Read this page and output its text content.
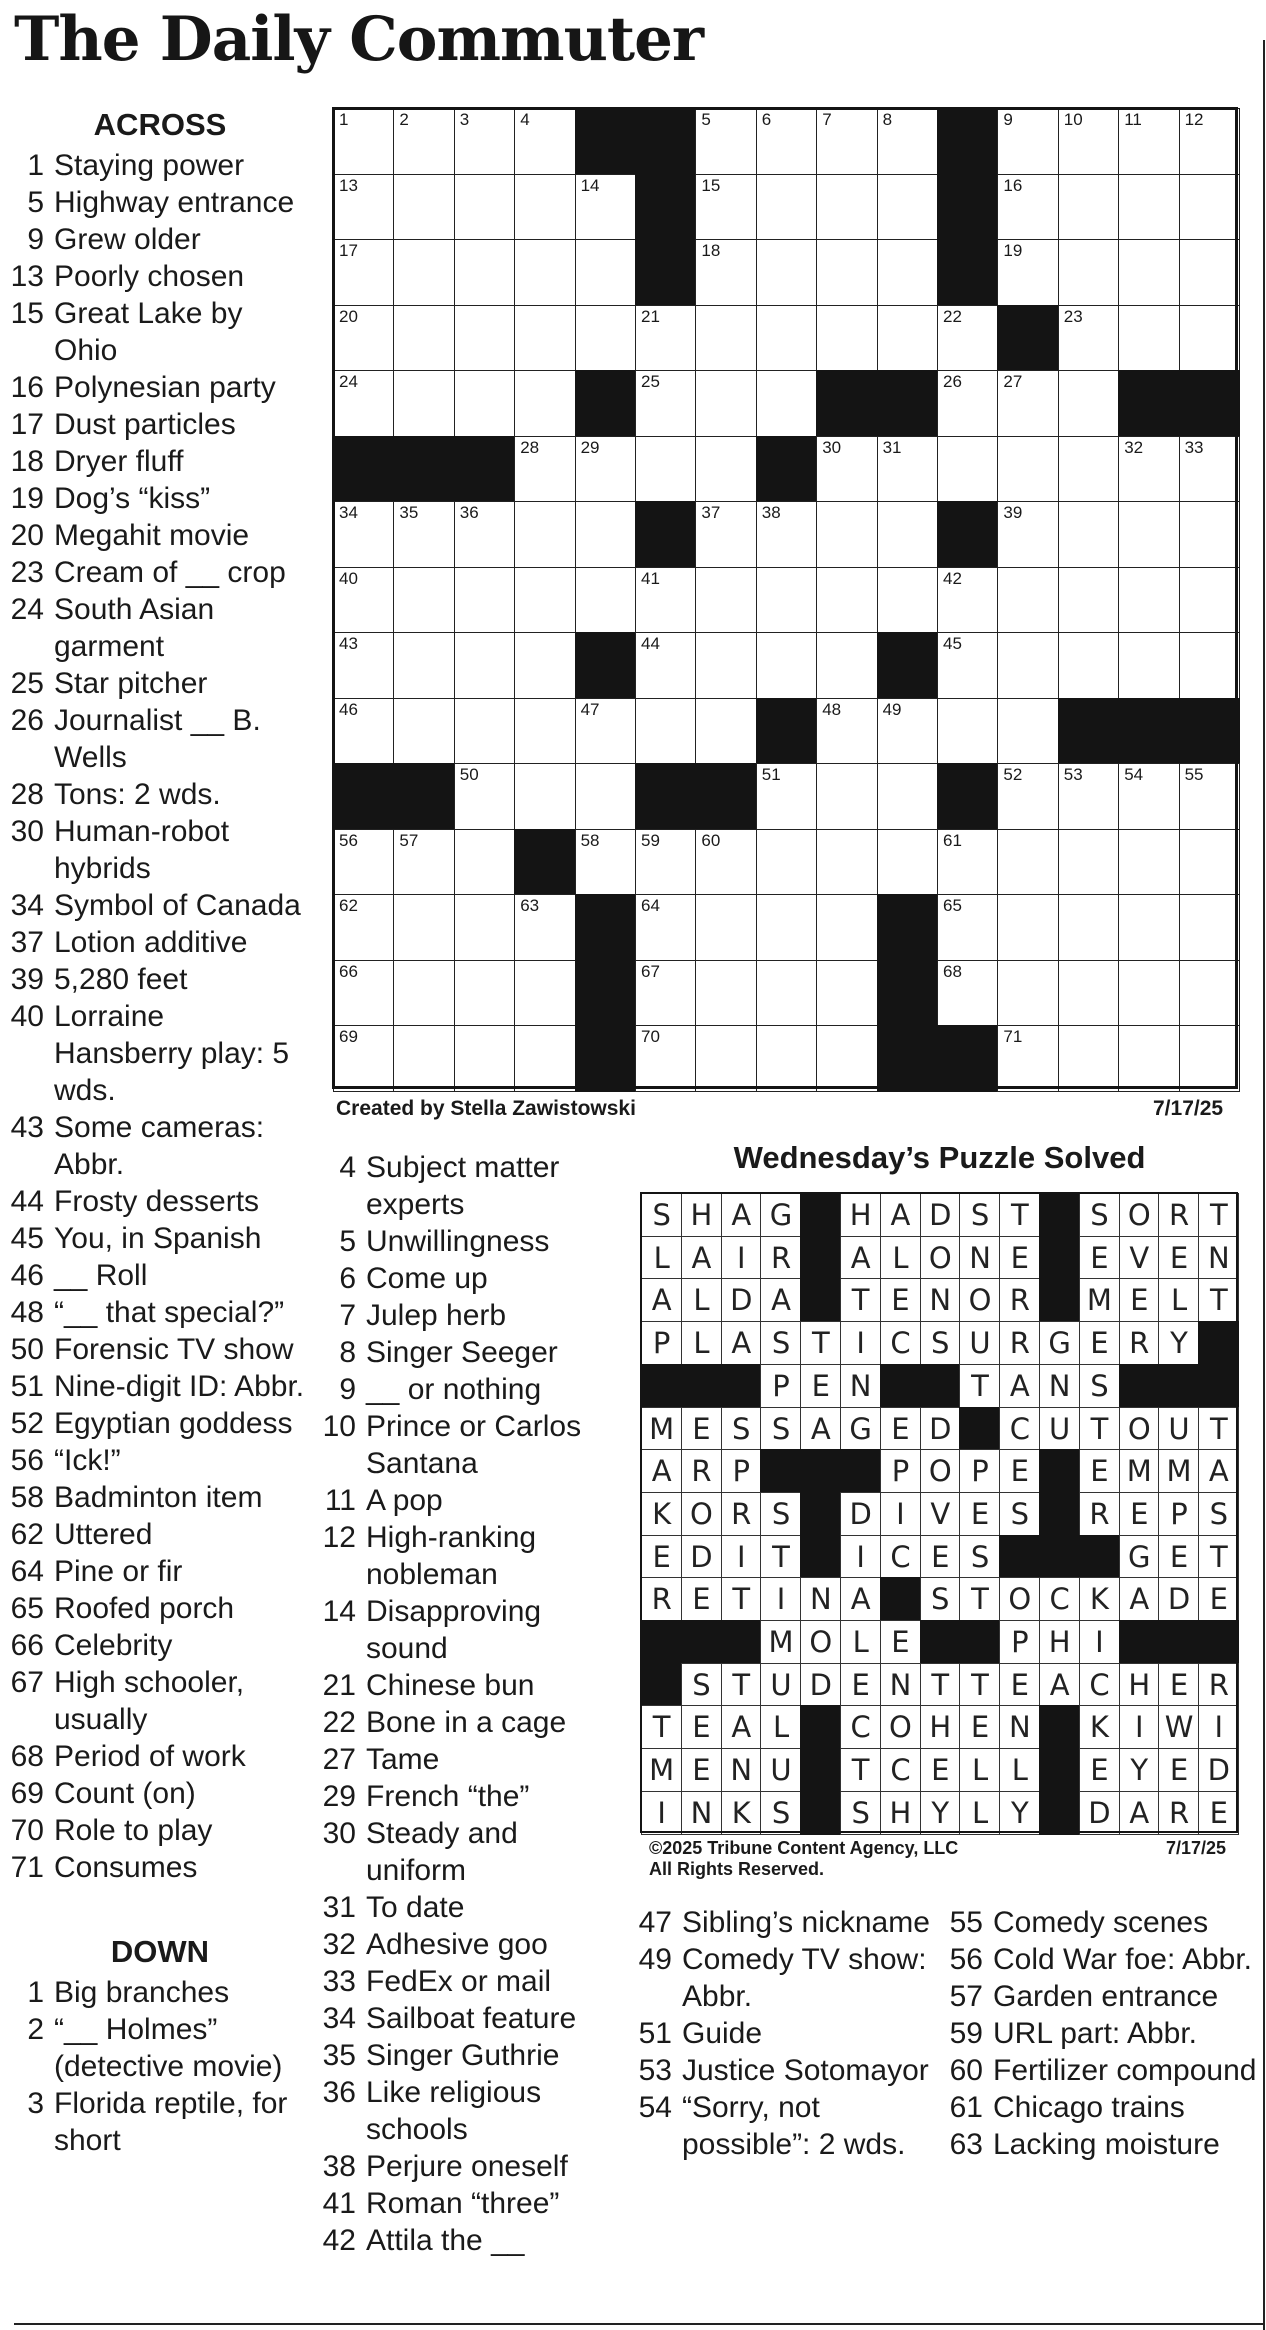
The Daily Commuter
ACROSS
1 Staying power
5 Highway entrance
9 Grew older
13 Poorly chosen
15 Great Lake by Ohio
16 Polynesian party
17 Dust particles
18 Dryer fluff
19 Dog’s “kiss”
20 Megahit movie
23 Cream of __ crop
24 South Asian garment
25 Star pitcher
26 Journalist __ B. Wells
28 Tons: 2 wds.
30 Human-robot hybrids
34 Symbol of Canada
37 Lotion additive
39 5,280 feet
40 Lorraine Hansberry play: 5 wds.
43 Some cameras: Abbr.
44 Frosty desserts
45 You, in Spanish
46 __ Roll
48 “__ that special?”
50 Forensic TV show
51 Nine-digit ID: Abbr.
52 Egyptian goddess
56 “Ick!”
58 Badminton item
62 Uttered
64 Pine or fir
65 Roofed porch
66 Celebrity
67 High schooler, usually
68 Period of work
69 Count (on)
70 Role to play
71 Consumes
DOWN
1 Big branches
2 “__ Holmes” (detective movie)
3 Florida reptile, for short
4 Subject matter experts
5 Unwillingness
6 Come up
7 Julep herb
8 Singer Seeger
9 __ or nothing
10 Prince or Carlos Santana
11 A pop
12 High-ranking nobleman
14 Disapproving sound
21 Chinese bun
22 Bone in a cage
27 Tame
29 French “the”
30 Steady and uniform
31 To date
32 Adhesive goo
33 FedEx or mail
34 Sailboat feature
35 Singer Guthrie
36 Like religious schools
38 Perjure oneself
41 Roman “three”
42 Attila the __
47 Sibling’s nickname
49 Comedy TV show: Abbr.
51 Guide
53 Justice Sotomayor
54 “Sorry, not possible”: 2 wds.
55 Comedy scenes
56 Cold War foe: Abbr.
57 Garden entrance
59 URL part: Abbr.
60 Fertilizer compound
61 Chicago trains
63 Lacking moisture
1	2	3	4	5	6	7	8	9	10 11	12
13	14	15	16
17	18	19
20	21	22	23
24	25	26 27
28 29	30 31	32 33
34 35 36	37 38	39
40	41	42
43	44	45
46	47	48 49
50	51	52 53 54 55
56 57	58 59 60	61
62	63	64	65
66	67	68
69	70	71
Created by Stella Zawistowski	7/17/25
Wednesday’s Puzzle Solved
S H A G	H A D S T	S O R T
L A I R	A L O N E	E V E N
A L D A	T E N O R	M E L T
P L A S T I C S U R G E R Y
P E N	T A N S
M E S S A G E D	C U T O U T
A R P	P O P E	E M M A
K O R S	D I V E S	R E P S
E D I T	I C E S	G E T
R E T I N A	S T O C K A D E
M O L E	P H I
S T U D E N T T E A C H E R
T E A L	C O H E N	K I W I
M E N U	T C E L L	E Y E D
I N K S	S H Y L Y	D A R E
©2025 Tribune Content Agency, LLC
All Rights Reserved.
7/17/25
